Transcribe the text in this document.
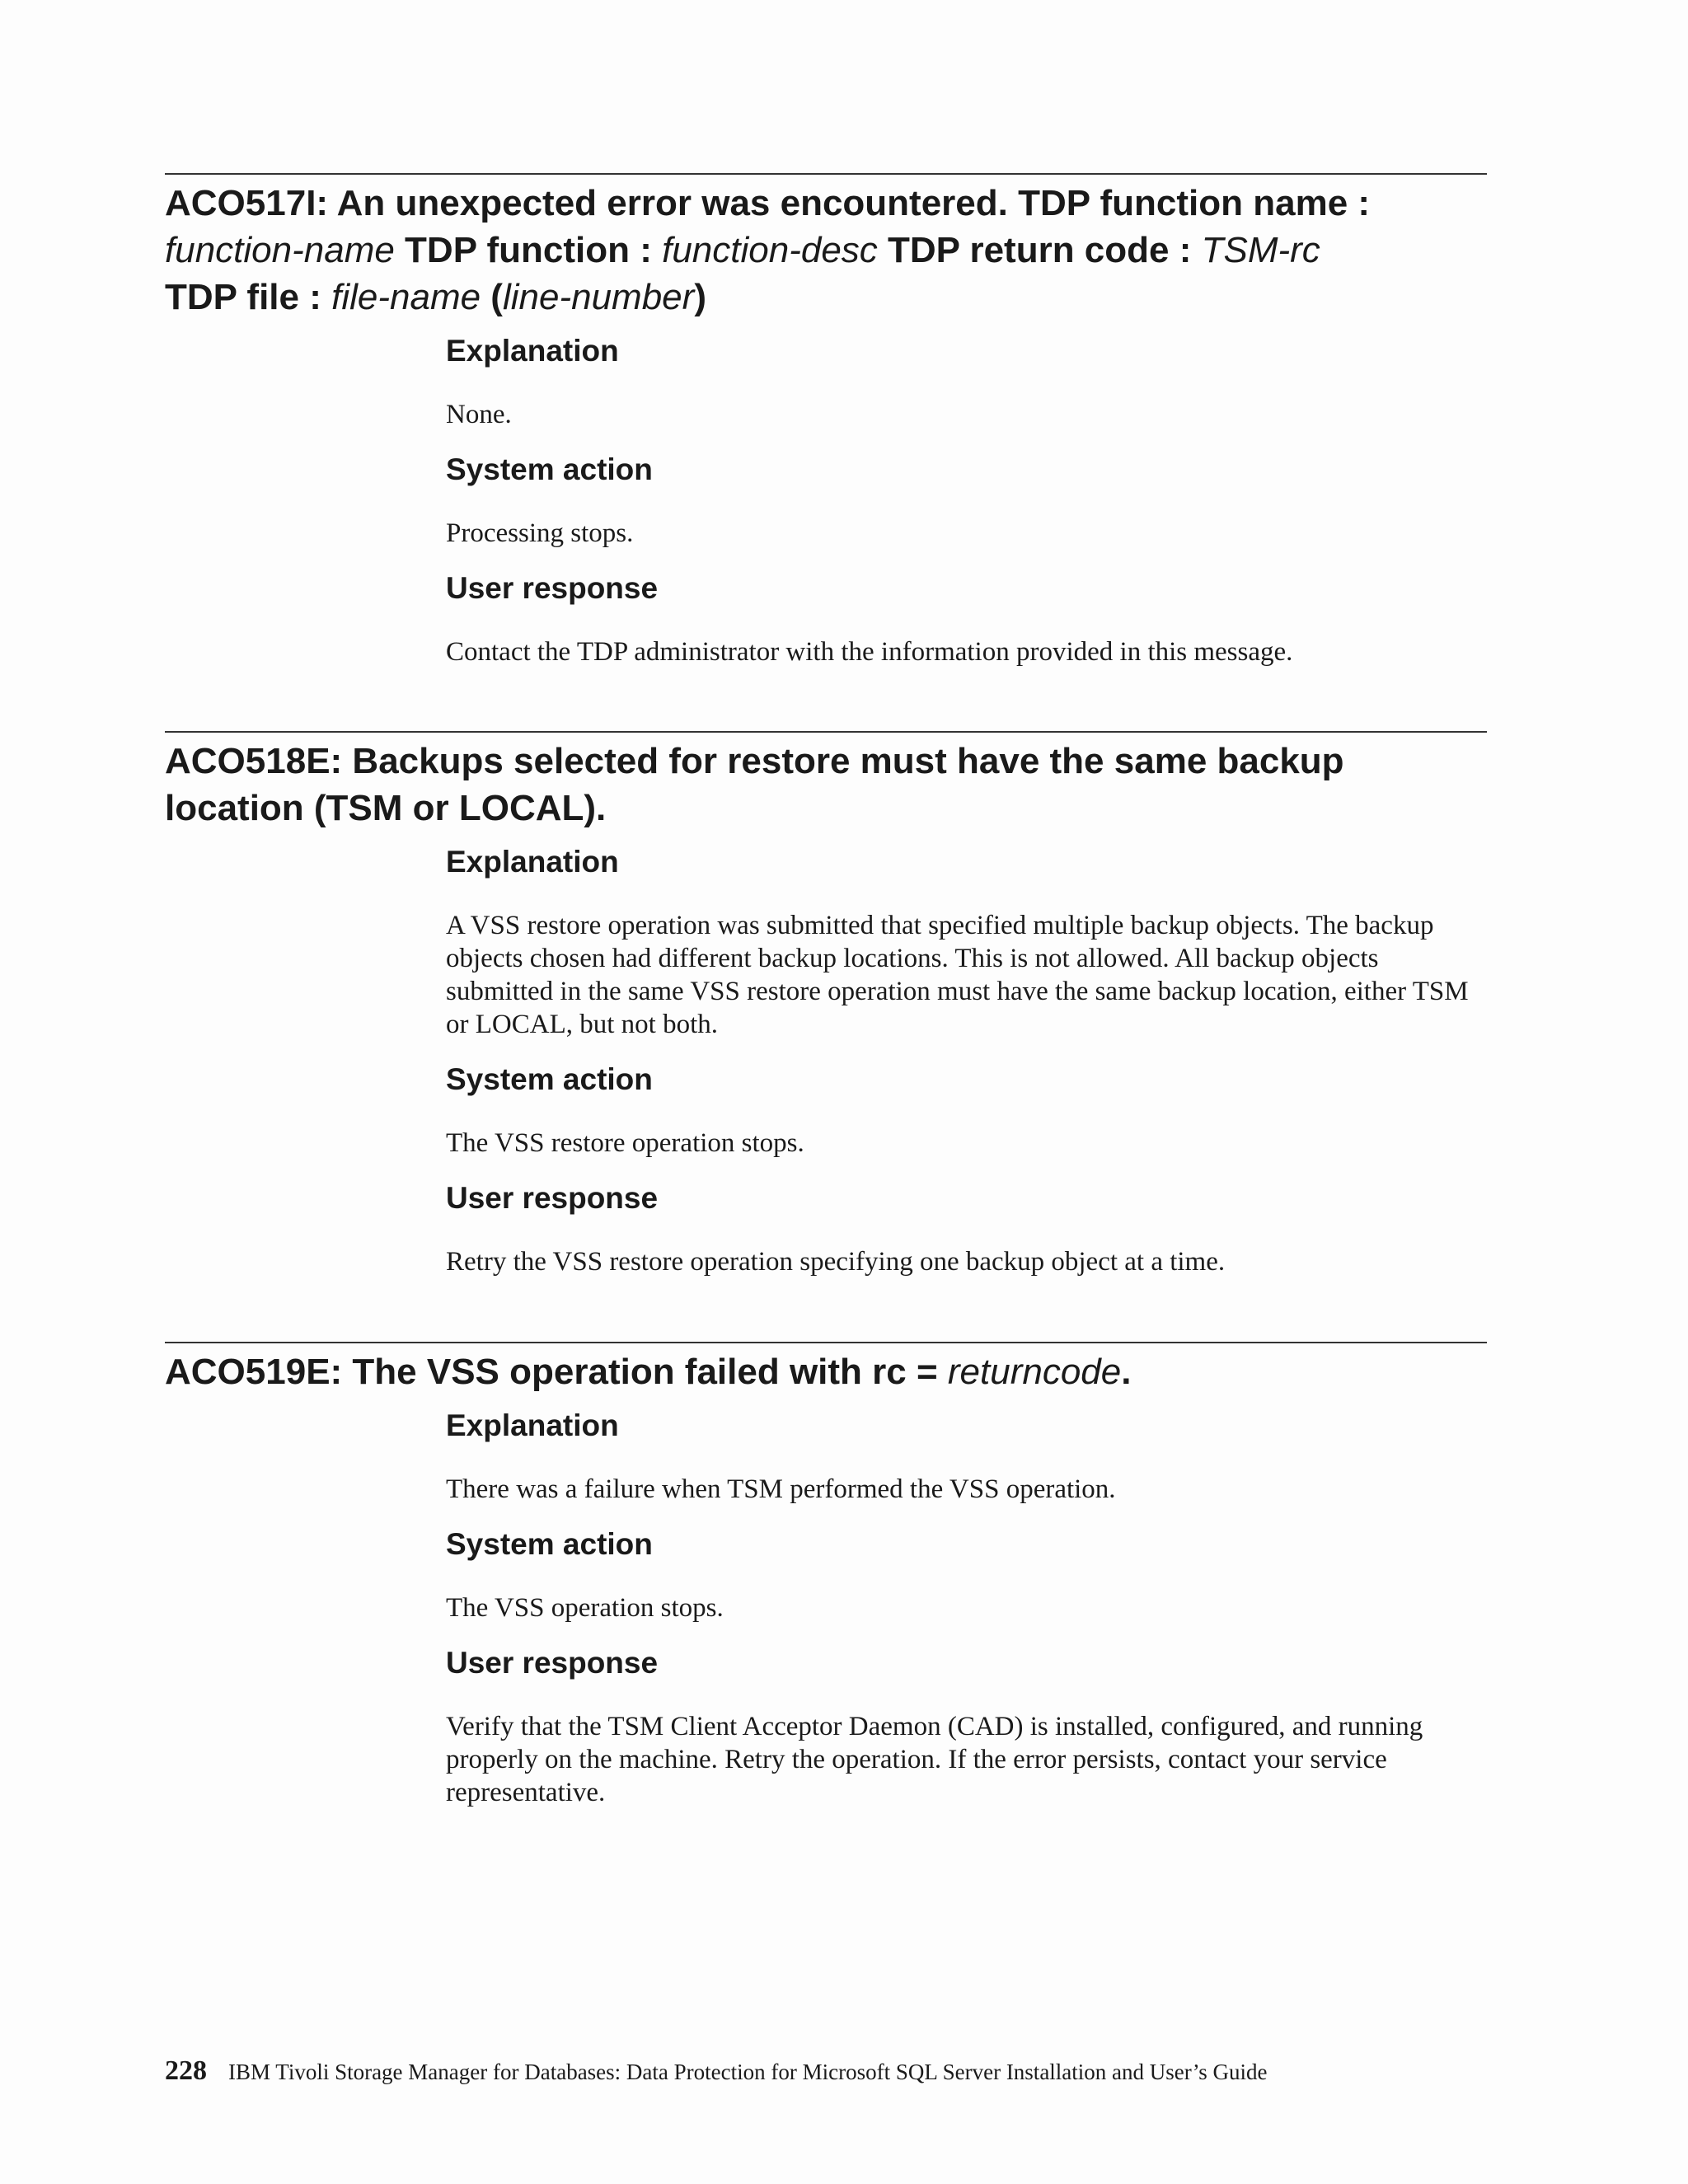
ACO517I: An unexpected error was encountered. TDP function name : function-name TDP function : function-desc TDP return code : TSM-rc
TDP file : file-name (line-number)
Explanation

None.

System action

Processing stops.

User response

Contact the TDP administrator with the information provided in this message.

ACO518E: Backups selected for restore must have the same backup location (TSM or LOCAL).
Explanation

A VSS restore operation was submitted that specified multiple backup objects. The backup objects chosen had different backup locations. This is not allowed. All backup objects submitted in the same VSS restore operation must have the same backup location, either TSM or LOCAL, but not both.

System action

The VSS restore operation stops.

User response

Retry the VSS restore operation specifying one backup object at a time.

ACO519E: The VSS operation failed with rc = returncode.
Explanation

There was a failure when TSM performed the VSS operation.

System action

The VSS operation stops.

User response

Verify that the TSM Client Acceptor Daemon (CAD) is installed, configured, and running properly on the machine. Retry the operation. If the error persists, contact your service representative.

228 IBM Tivoli Storage Manager for Databases: Data Protection for Microsoft SQL Server Installation and User’s Guide
